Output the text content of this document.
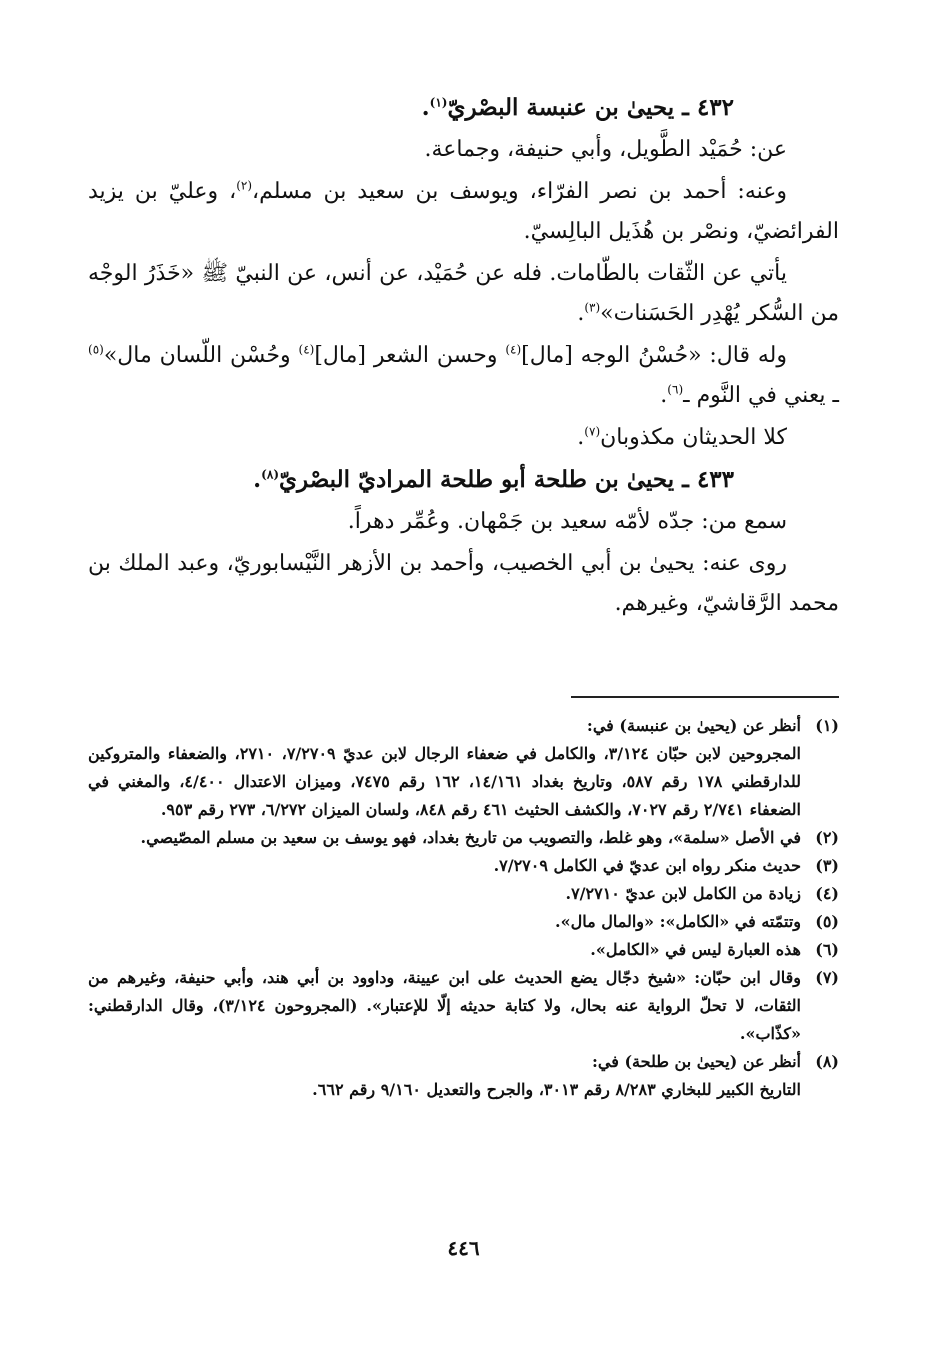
٤٣٢ ـ يحيىٰ بن عنبسة البصْريّ$^{(١)}$.

عن: حُمَيْد الطَّويل، وأبي حنيفة، وجماعة.

وعنه: أحمد بن نصر الفرّاء، ويوسف بن سعيد بن مسلم،$^{(٢)}$، وعليّ بن يزيد الفرائضيّ، ونصْر بن هُذَيل البالِسيّ.

يأتي عن الثّقات بالطّامات. فله عن حُمَيْد، عن أنس، عن النبيّ ﷺ «خَذَرُ الوجْه من السُّكر يُهْدِر الحَسَنات»$^{(٣)}$.

وله قال: «حُسْنُ الوجه [مال]$^{(٤)}$ وحسن الشعر [مال]$^{(٤)}$ وحُسْن اللّسان مال»$^{(٥)}$ ـ يعني في النَّوم ـ$^{(٦)}$.

كلا الحديثان مكذوبان$^{(٧)}$.

٤٣٣ ـ يحيىٰ بن طلحة أبو طلحة المراديّ البصْريّ$^{(٨)}$.

سمع من: جدّه لأمّه سعيد بن جَمْهان. وعُمِّر دهراً.

روى عنه: يحيىٰ بن أبي الخصيب، وأحمد بن الأزهر النَّيْسابوريّ، وعبد الملك بن محمد الرَّقاشيّ، وغيرهم.

(١)
أنظر عن (يحيىٰ بن عنبسة) في:
المجروحين لابن حبّان ٣/١٢٤، والكامل في ضعفاء الرجال لابن عديّ ٧/٢٧٠٩، ٢٧١٠، والضعفاء والمتروكين للدارقطني ١٧٨ رقم ٥٨٧، وتاريخ بغداد ١٤/١٦١، ١٦٢ رقم ٧٤٧٥، وميزان الاعتدال ٤/٤٠٠، والمغني في الضعفاء ٢/٧٤١ رقم ٧٠٢٧، والكشف الحثيث ٤٦١ رقم ٨٤٨، ولسان الميزان ٦/٢٧٢، ٢٧٣ رقم ٩٥٣.
(٢)
في الأصل «سلمة»، وهو غلط، والتصويب من تاريخ بغداد، فهو يوسف بن سعيد بن مسلم المصّيصي.
(٣)
حديث منكر رواه ابن عديّ في الكامل ٧/٢٧٠٩.
(٤)
زيادة من الكامل لابن عديّ ٧/٢٧١٠.
(٥)
وتتمّته في «الكامل»: «والمال مال».
(٦)
هذه العبارة ليس في «الكامل».
(٧)
وقال ابن حبّان: «شيخ دجّال يضع الحديث على ابن عيينة، وداوود بن أبي هند، وأبي حنيفة، وغيرهم من الثقات، لا تحلّ الرواية عنه بحال، ولا كتابة حديثه إلّا للإعتبار». (المجروحون ٣/١٢٤)، وقال الدارقطني: «كذّاب».
(٨)
أنظر عن (يحيىٰ بن طلحة) في:
التاريخ الكبير للبخاري ٨/٢٨٣ رقم ٣٠١٣، والجرح والتعديل ٩/١٦٠ رقم ٦٦٢.
٤٤٦
